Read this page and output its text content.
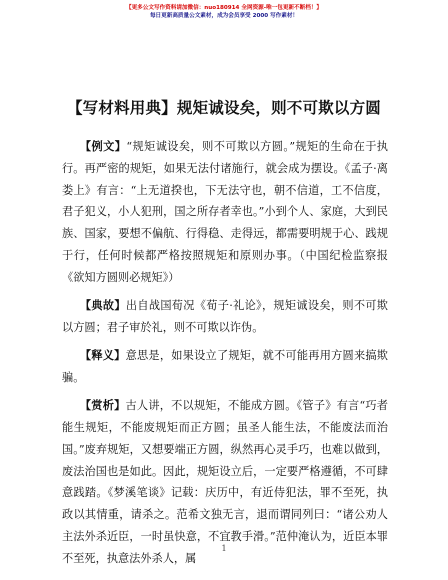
【更多公文写作资料请加微信：nuo180914 全网资源-唯一包更新不断档！】
每日更新高质量公文素材，成为会员享受 2000 写作素材！
【写材料用典】规矩诚设矣，则不可欺以方圆

【例文】“规矩诚设矣，则不可欺以方圆。”规矩的生命在于执行。再严密的规矩，如果无法付诸施行，就会成为摆设。《孟子·离娄上》有言：“上无道揆也，下无法守也，朝不信道，工不信度，君子犯义，小人犯刑，国之所存者幸也。”小到个人、家庭，大到民族、国家，要想不偏航、行得稳、走得远，都需要明规于心、践规于行，任何时候都严格按照规矩和原则办事。（中国纪检监察报《欲知方圆则必规矩》）

【典故】出自战国荀况《荀子·礼论》，规矩诚设矣，则不可欺以方圆；君子审於礼，则不可欺以诈伪。

【释义】意思是，如果设立了规矩，就不可能再用方圆来搞欺骗。

【赏析】古人讲，不以规矩，不能成方圆。《管子》有言“巧者能生规矩，不能废规矩而正方圆；虽圣人能生法，不能废法而治国。”废弃规矩，又想要端正方圆，纵然再心灵手巧，也难以做到，废法治国也是如此。因此，规矩设立后，一定要严格遵循，不可肆意践踏。《梦溪笔谈》记载：庆历中，有近侍犯法，罪不至死，执政以其情重，请杀之。范希文独无言，退而谓同列曰：“诸公劝人主法外杀近臣，一时虽快意，不宜教手滑。”范仲淹认为，近臣本罪不至死，执意法外杀人，属

1
